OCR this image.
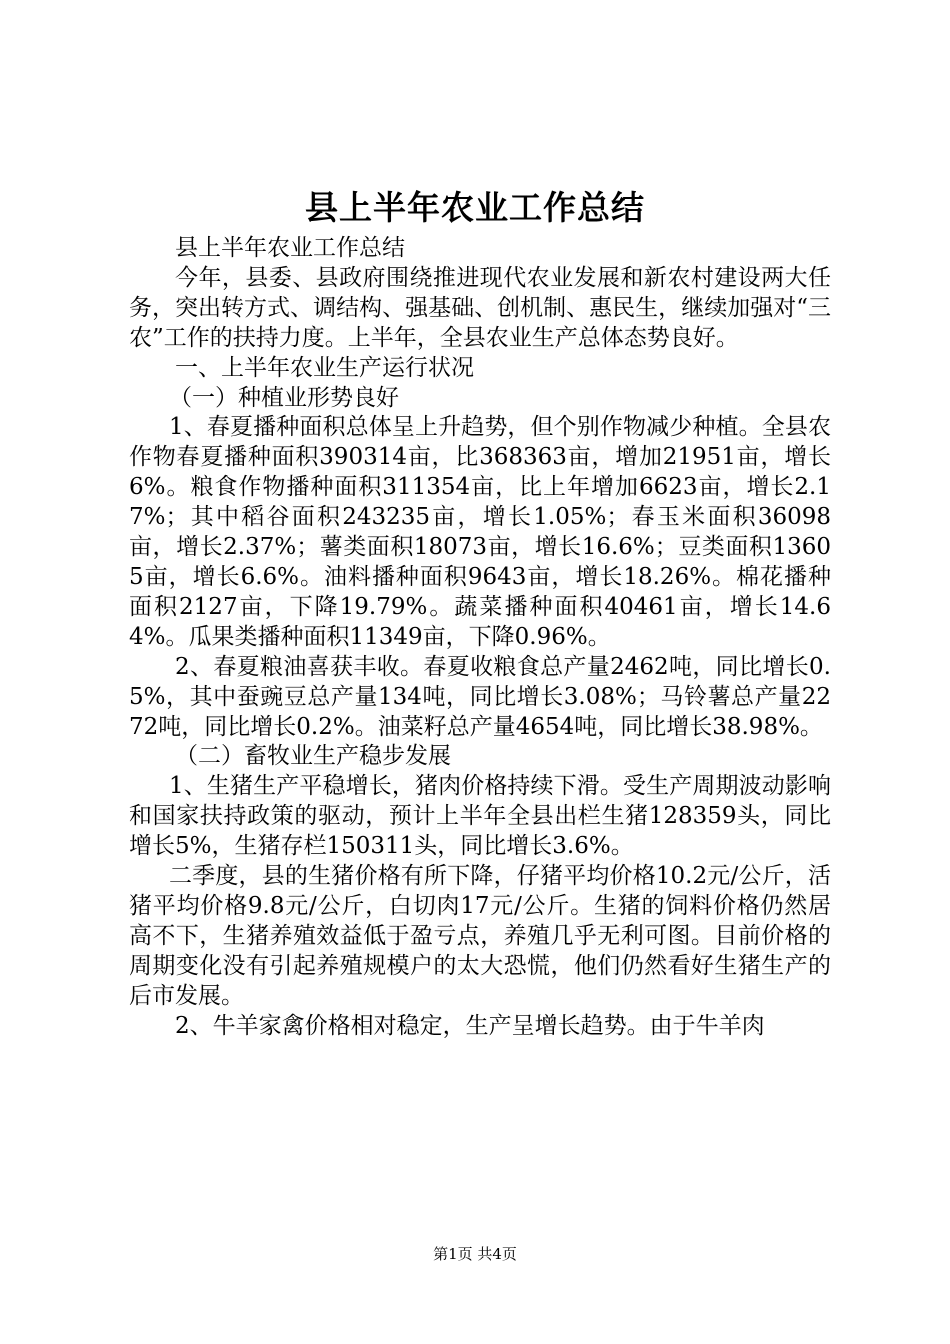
县上半年农业工作总结

县上半年农业工作总结

今年，县委、县政府围绕推进现代农业发展和新农村建设两大任务，突出转方式、调结构、强基础、创机制、惠民生，继续加强对“三农”工作的扶持力度。上半年，全县农业生产总体态势良好。

一、上半年农业生产运行状况

（一）种植业形势良好

1、春夏播种面积总体呈上升趋势，但个别作物减少种植。全县农作物春夏播种面积390314亩，比368363亩，增加21951亩，增长6%。粮食作物播种面积311354亩，比上年增加6623亩，增长2.17%；其中稻谷面积243235亩，增长1.05%；春玉米面积36098亩，增长2.37%；薯类面积18073亩，增长16.6%；豆类面积13605亩，增长6.6%。油料播种面积9643亩，增长18.26%。棉花播种面积2127亩，下降19.79%。蔬菜播种面积40461亩，增长14.64%。瓜果类播种面积11349亩，下降0.96%。

2、春夏粮油喜获丰收。春夏收粮食总产量2462吨，同比增长0.5%，其中蚕豌豆总产量134吨，同比增长3.08%；马铃薯总产量2272吨，同比增长0.2%。油菜籽总产量4654吨，同比增长38.98%。

（二）畜牧业生产稳步发展

1、生猪生产平稳增长，猪肉价格持续下滑。受生产周期波动影响和国家扶持政策的驱动，预计上半年全县出栏生猪128359头，同比增长5%，生猪存栏150311头，同比增长3.6%。

二季度，县的生猪价格有所下降，仔猪平均价格10.2元/公斤，活猪平均价格9.8元/公斤，白切肉17元/公斤。生猪的饲料价格仍然居高不下，生猪养殖效益低于盈亏点，养殖几乎无利可图。目前价格的周期变化没有引起养殖规模户的太大恐慌，他们仍然看好生猪生产的后市发展。

2、牛羊家禽价格相对稳定，生产呈增长趋势。由于牛羊肉

第1页 共4页
